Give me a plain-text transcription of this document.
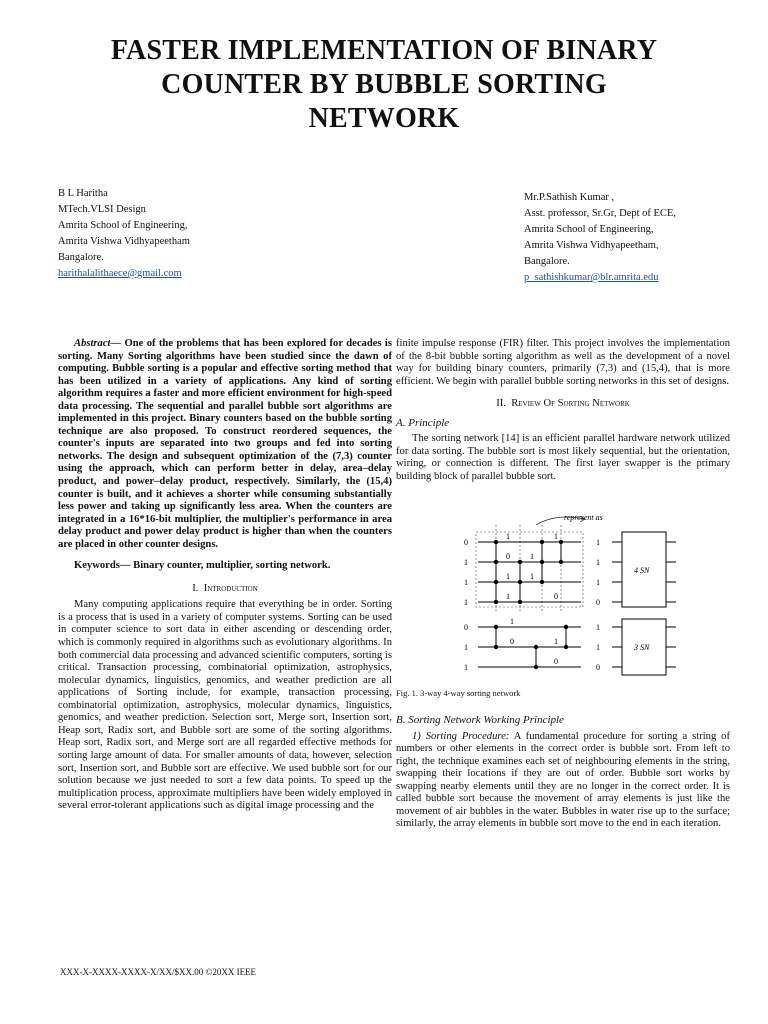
FASTER IMPLEMENTATION OF BINARY
COUNTER BY BUBBLE SORTING
NETWORK
B L Haritha
MTech.VLSI Design
Amrita School of Engineering,
Amrita Vishwa Vidhyapeetham
Bangalore.
harithalalithaece@gmail.com
Mr.P.Sathish Kumar ,
Asst. professor, Sr.Gr, Dept of ECE,
Amrita School of Engineering,
Amrita Vishwa Vidhyapeetham,
Bangalore.
p_sathishkumar@blr.amrita.edu

Abstract— One of the problems that has been explored for decades is sorting. Many Sorting algorithms have been studied since the dawn of computing. Bubble sorting is a popular and effective sorting method that has been utilized in a variety of applications. Any kind of sorting algorithm requires a faster and more efficient environment for high-speed data processing. The sequential and parallel bubble sort algorithms are implemented in this project. Binary counters based on the bubble sorting technique are also proposed. To construct reordered sequences, the counter's inputs are separated into two groups and fed into sorting networks. The design and subsequent optimization of the (7,3) counter using the approach, which can perform better in delay, area–delay product, and power–delay product, respectively. Similarly, the (15,4) counter is built, and it achieves a shorter while consuming substantially less power and taking up significantly less area. When the counters are integrated in a 16*16-bit multiplier, the multiplier's performance in area delay product and power delay product is higher than when the counters are placed in other counter designs.

Keywords— Binary counter, multiplier, sorting network.

I. Introduction

Many computing applications require that everything be in order. Sorting is a process that is used in a variety of computer systems. Sorting can be used in computer science to sort data in either ascending or descending order, which is commonly required in algorithms such as evolutionary algorithms. In both commercial data processing and advanced scientific computers, sorting is critical. Transaction processing, combinatorial optimization, astrophysics, molecular dynamics, linguistics, genomics, and weather prediction are all applications of Sorting include, for example, transaction processing, combinatorial optimization, astrophysics, molecular dynamics, linguistics, genomics, and weather prediction. Selection sort, Merge sort, Insertion sort, Heap sort, Radix sort, and Bubble sort are some of the sorting algorithms. Heap sort, Radix sort, and Merge sort are all regarded effective methods for sorting large amount of data. For smaller amounts of data, however, selection sort, Insertion sort, and Bubble sort are effective. We used bubble sort for our solution because we just needed to sort a few data points. To speed up the multiplication process, approximate multipliers have been widely employed in several error-tolerant applications such as digital image processing and the

finite impulse response (FIR) filter. This project involves the implementation of the 8-bit bubble sorting algorithm as well as the development of a novel way for building binary counters, primarily (7,3) and (15,4), that is more efficient. We begin with parallel bubble sorting networks in this set of designs.

II. Review Of Sorting Network

A. Principle

The sorting network [14] is an efficient parallel hardware network utilized for data sorting. The bubble sort is most likely sequential, but the orientation, wiring, or connection is different. The first layer swapper is the primary building block of parallel bubble sort.

represent as
0
1
1
1
1
1
1
0
1	1
0	1
1	1
1	0
4 SN
0
1
1
1
1
0
1
0	1
0
3 SN

Fig. 1. 3-way 4-way sorting network

B. Sorting Network Working Principle

1) Sorting Procedure: A fundamental procedure for sorting a string of numbers or other elements in the correct order is bubble sort. From left to right, the technique examines each set of neighbouring elements in the string, swapping their locations if they are out of order. Bubble sort works by swapping nearby elements until they are no longer in the correct order. It is called bubble sort because the movement of array elements is just like the movement of air bubbles in the water. Bubbles in water rise up to the surface; similarly, the array elements in bubble sort move to the end in each iteration.

XXX-X-XXXX-XXXX-X/XX/$XX.00 ©20XX IEEE
